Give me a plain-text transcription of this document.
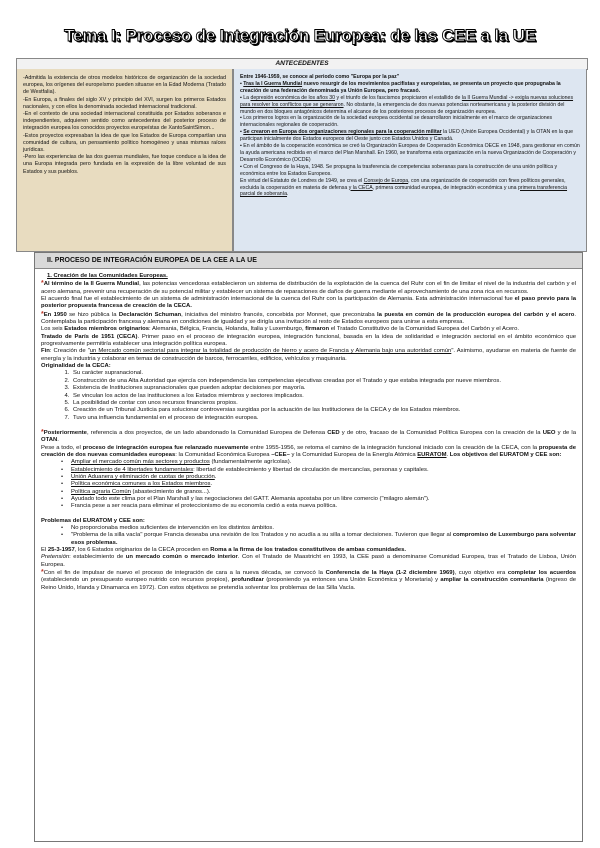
Tema I: Proceso de Integración Europea: de las CEE a la UE
ANTECEDENTES

-Admitida la existencia de otros modelos históricos de organización de la sociedad europea, los orígenes del europeísmo pueden situarse en la Edad Moderna (Tratado de Westfalia).

-En Europa, a finales del siglo XV y principio del XVI, surgen los primeros Estados nacionales, y con ellos la denominada sociedad internacional tradicional.

-En el contexto de una sociedad internacional constituida por Estados soberanos e independientes, adquieren sentido como antecedentes del posterior proceso de integración europea los conocidos proyectos europeístas de XantoSaintSimon...

-Estos proyectos expresaban la idea de que los Estados de Europa compartían una comunidad de cultura, un pensamiento político homogéneo y unas mismas raíces jurídicas.

-Pero las experiencias de las dos guerras mundiales, fue toque conduce a la idea de una Europa integrada pero fundada en la expresión de la libre voluntad de sus Estados y sus pueblos.

Entre 1946-1959, se conoce al periodo como "Europa por la paz"

▪ Tras la I Guerra Mundial nuevo resurgir de los movimientos pacifistas y europeístas, se presenta un proyecto que propugnaba la creación de una federación denominada ya Unión Europea, pero fracasó.

▪ La depresión económica de los años 30 y el triunfo de los fascismos propiciaron el estallido de la II Guerra Mundial -> exigía nuevas soluciones para resolver los conflictos que se generaron. No obstante, la emergencia de dos nuevas potencias norteamericana y la posterior división del mundo en dos bloques antagónicos determina el alcance de los posteriores procesos de organización europea.

▪ Los primeros logros en la organización de la sociedad europea occidental se desarrollaron inicialmente en el marco de organizaciones internacionales regionales de cooperación.

▪ Se crearon en Europa dos organizaciones regionales para la cooperación militar la UEO (Unión Europea Occidental) y la OTAN en la que participan inicialmente dos Estados europeos del Oeste junto con Estados Unidos y Canadá.

▪ En el ámbito de la cooperación económica se creó la Organización Europea de Cooperación Económica OECE en 1948, para gestionar en común la ayuda americana recibida en el marco del Plan Marshall. En 1960, se transforma esta organización en la nueva Organización de Cooperación y Desarrollo Económico (OCDE)

▪ Con el Congreso de la Haya, 1948. Se propugna la trasferencia de competencias soberanas para la construcción de una unión política y económica entre los Estados Europeos.

En virtud del Estatuto de Londres de 1949, se crea el Consejo de Europa, con una organización de cooperación con fines políticos generales, excluida la cooperación en materia de defensa y la CECA, primera comunidad europea, de integración económica y una primera transferencia parcial de soberanía.

II. PROCESO DE INTEGRACIÓN EUROPEA DE LA CEE A LA UE

1. Creación de las Comunidades Europeas.

*Al término de la II Guerra Mundial, las potencias vencedoras establecieron un sistema de distribución de la explotación de la cuenca del Ruhr con el fin de limitar el nivel de la industria del carbón y el acero alemana, prevenir una recuperación de su potencial militar y establecer un sistema de reparaciones de daños de guerra mediante el aprovechamiento de una zona rica en recursos.

El acuerdo final fue el establecimiento de un sistema de administración internacional de la cuenca del Ruhr con la participación de Alemania. Esta administración internacional fue el paso previo para la posterior propuesta francesa de creación de la CECA.

*En 1950 se hizo pública la Declaración Schuman, iniciativa del ministro francés, concebida por Monnet, que preconizaba la puesta en común de la producción europea del carbón y el acero. Contemplaba la participación francesa y alemana en condiciones de igualdad y se dirigía una invitación al resto de Estados europeos para unirse a esta empresa.

Los seis Estados miembros originarios: Alemania, Bélgica, Francia, Holanda, Italia y Luxemburgo, firmaron el Tratado Constitutivo de la Comunidad Europea del Carbón y el Acero.

Tratado de París de 1951 (CECA). Primer paso en el proceso de integración europea, integración funcional, basada en la idea de solidaridad e integración sectorial en el ámbito económico que progresivamente permitiría establecer una integración política europea.

Fin: Creación de "un Mercado común sectorial para integrar la totalidad de producción de hierro y acero de Francia y Alemania bajo una autoridad común". Asimismo, ayudarse en materia de fuente de energía y la industria y colaborar en temas de construcción de barcos, ferrocarriles, edificios, vehículos y maquinaria.

Originalidad de la CECA:

1. Su carácter supranacional.
2. Construcción de una Alta Autoridad que ejercía con independencia las competencias ejecutivas creadas por el Tratado y que estaba integrada por nueve miembros.
3. Existencia de Instituciones supranacionales que pueden adoptar decisiones por mayoría.
4. Se vinculan los actos de las instituciones a los Estados miembros y sectores implicados.
5. La posibilidad de contar con unos recursos financieros propios.
6. Creación de un Tribunal Justicia para solucionar controversias surgidas por la actuación de las Instituciones de la CECA y de los Estados miembros.
7. Tuvo una influencia fundamental en el proceso de integración europea.

*Posteriormente, referencia a dos proyectos, de un lado abandonado la Comunidad Europea de Defensa CED y de otro, fracaso de la Comunidad Política Europea con la creación de la UEO y de la OTAN.

Pese a todo, el proceso de integración europea fue relanzado nuevamente entre 1955-1956, se retoma el camino de la integración funcional iniciado con la creación de la CECA, con la propuesta de creación de dos nuevas comunidades europeas: la Comunidad Económica Europea –CEE– y la Comunidad Europea de la Energía Atómica EURATOM. Los objetivos del EURATOM y CEE son:

• Ampliar el mercado común más sectores y productos (fundamentalmente agrícolas).
• Establecimiento de 4 libertades fundamentales: libertad de establecimiento y libertad de circulación de mercancías, personas y capitales.
• Unión Aduanera y eliminación de cuotas de producción.
• Política económica comunes a los Estados miembros.
• Política agraria Común (abastecimiento de granos...).
• Ayudado todo este clima por el Plan Marshall y las negociaciones del GATT. Alemania apostaba por un libre comercio ("milagro alemán").
• Francia pese a ser reacia para eliminar el proteccionismo de su economía cedió a esta nueva política.

Problemas del EURATOM y CEE son:

• No proporcionaba medios suficientes de intervención en los distintos ámbitos.
• "Problema de la silla vacía" porque Francia deseaba una revisión de los Tratados y no acudía a su silla a tomar decisiones. Tuvieron que llegar al compromiso de Luxemburgo para solventar esos problemas.

El 25-3-1957, los 6 Estados originarios de la CECA proceden en Roma a la firma de los tratados constitutivos de ambas comunidades.

Pretensión: establecimiento de un mercado común o mercado interior. Con el Tratado de Maastricht en 1993, la CEE pasó a denominarse Comunidad Europea, tras el Tratado de Lisboa, Unión Europea.

*Con el fin de impulsar de nuevo el proceso de integración de cara a la nueva década, se convocó la Conferencia de la Haya (1-2 diciembre 1969), cuyo objetivo era completar los acuerdos (estableciendo un presupuesto europeo nutrido con recursos propios), profundizar (proponiendo ya entonces una Unión Económica y Monetaria) y ampliar la construcción comunitaria (ingreso de Reino Unido, Irlanda y Dinamarca en 1972). Con estos objetivos se pretendía solventar los problemas de las Silla Vacía.
